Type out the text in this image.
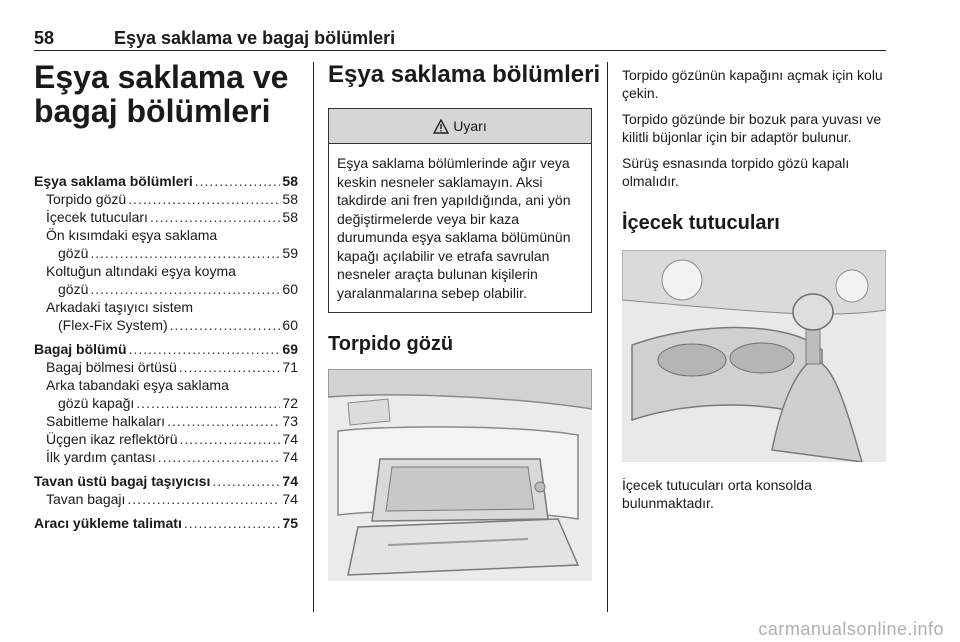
58	Eşya saklama ve bagaj bölümleri
Eşya saklama ve
bagaj bölümleri
Eşya saklama bölümleri .....	58
Torpido gözü .....	58
İçecek tutucuları .....	58
Ön kısımdaki eşya saklama
gözü .....	59
Koltuğun altındaki eşya koyma
gözü .....	60
Arkadaki taşıyıcı sistem
(Flex-Fix System) .....	60
Bagaj bölümü .....	69
Bagaj bölmesi örtüsü .....	71
Arka tabandaki eşya saklama
gözü kapağı .....	72
Sabitleme halkaları .....	73
Üçgen ikaz reflektörü .....	74
İlk yardım çantası .....	74
Tavan üstü bagaj taşıyıcısı .....	74
Tavan bagajı .....	74
Aracı yükleme talimatı .....	75
Eşya saklama bölümleri
Uyarı
Eşya saklama bölümlerinde ağır veya keskin nesneler saklamayın. Aksi takdirde ani fren yapıldığında, ani yön değiştirmelerde veya bir kaza durumunda eşya saklama bölümünün kapağı açılabilir ve etrafa savrulan nesneler araçta bulunan kişilerin yaralanmalarına sebep olabilir.
Torpido gözü

Torpido gözünün kapağını açmak için kolu çekin.

Torpido gözünde bir bozuk para yuvası ve kilitli büjonlar için bir adaptör bulunur.

Sürüş esnasında torpido gözü kapalı olmalıdır.

İçecek tutucuları
İçecek tutucuları orta konsolda bulunmaktadır.
carmanualsonline.info
